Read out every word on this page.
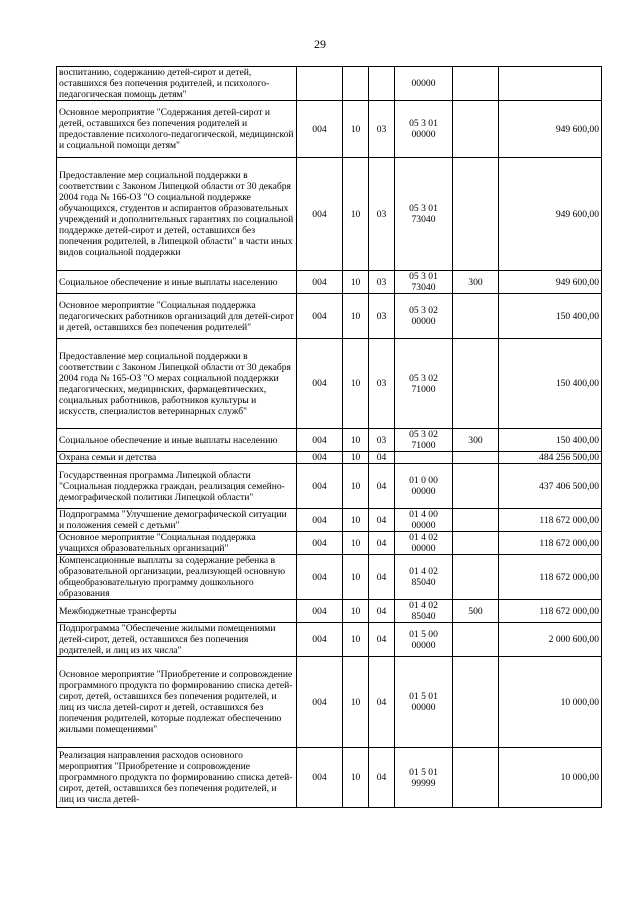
29
воспитанию, содержанию детей-сирот и детей, оставшихся без попечения родителей, и психолого-педагогическая помощь детям"				00000		
Основное мероприятие "Содержания детей-сирот и детей, оставшихся без попечения родителей и предоставление психолого-педагогической, медицинской и социальной помощи детям"	004	10	03	05 3 01 00000		949 600,00
Предоставление мер социальной поддержки в соответствии с Законом Липецкой области от 30 декабря 2004 года № 166-ОЗ "О социальной поддержке обучающихся, студентов и аспирантов образовательных учреждений и дополнительных гарантиях по социальной поддержке детей-сирот и детей, оставшихся без попечения родителей, в Липецкой области" в части иных видов социальной поддержки	004	10	03	05 3 01 73040		949 600,00
Социальное обеспечение и иные выплаты населению	004	10	03	05 3 01 73040	300	949 600,00
Основное мероприятие "Социальная поддержка педагогических работников организаций для детей-сирот и детей, оставшихся без попечения родителей"	004	10	03	05 3 02 00000		150 400,00
Предоставление мер социальной поддержки в соответствии с Законом Липецкой области от 30 декабря 2004 года № 165-ОЗ "О мерах социальной поддержки педагогических, медицинских, фармацевтических, социальных работников, работников культуры и искусств, специалистов ветеринарных служб"	004	10	03	05 3 02 71000		150 400,00
Социальное обеспечение и иные выплаты населению	004	10	03	05 3 02 71000	300	150 400,00
Охрана семьи и детства	004	10	04			484 256 500,00
Государственная программа Липецкой области "Социальная поддержка граждан, реализация семейно-демографической политики Липецкой области"	004	10	04	01 0 00 00000		437 406 500,00
Подпрограмма "Улучшение демографической ситуации и положения семей с детьми"	004	10	04	01 4 00 00000		118 672 000,00
Основное мероприятие "Социальная поддержка учащихся образовательных организаций"	004	10	04	01 4 02 00000		118 672 000,00
Компенсационные выплаты за содержание ребенка в образовательной организации, реализующей основную общеобразовательную программу дошкольного образования	004	10	04	01 4 02 85040		118 672 000,00
Межбюджетные трансферты	004	10	04	01 4 02 85040	500	118 672 000,00
Подпрограмма "Обеспечение жилыми помещениями детей-сирот, детей, оставшихся без попечения родителей, и лиц из их числа"	004	10	04	01 5 00 00000		2 000 600,00
Основное мероприятие "Приобретение и сопровождение программного продукта по формированию списка детей-сирот, детей, оставшихся без попечения родителей, и лиц из числа детей-сирот и детей, оставшихся без попечения родителей, которые подлежат обеспечению жилыми помещениями"	004	10	04	01 5 01 00000		10 000,00
Реализация направления расходов основного мероприятия "Приобретение и сопровождение программного продукта по формированию списка детей-сирот, детей, оставшихся без попечения родителей, и лиц из числа детей-	004	10	04	01 5 01 99999		10 000,00
